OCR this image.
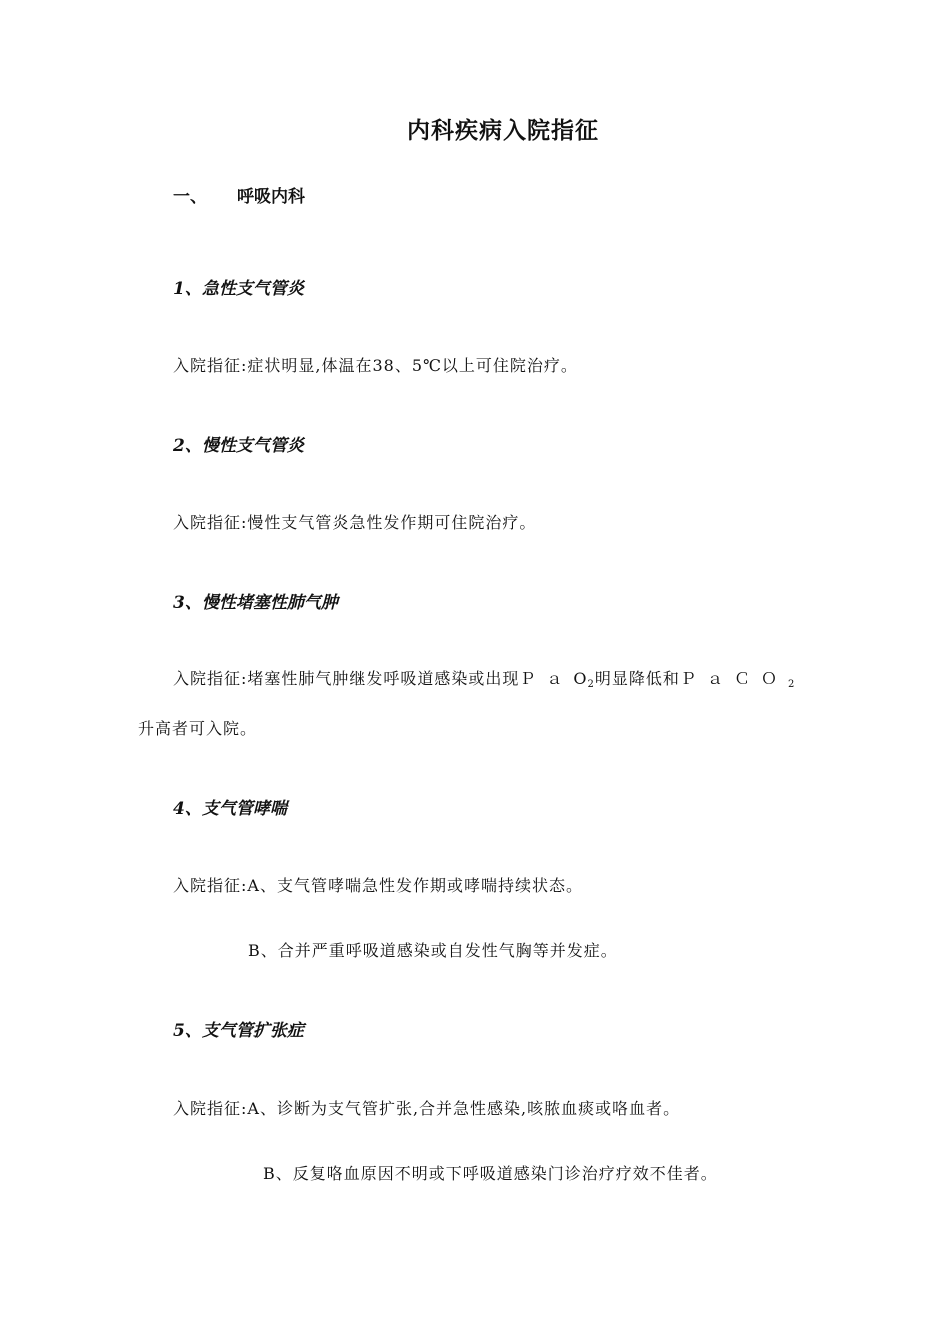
内科疾病入院指征
一、 呼吸内科
1、急性支气管炎
入院指征:症状明显,体温在38、5℃以上可住院治疗。
2、慢性支气管炎
入院指征:慢性支气管炎急性发作期可住院治疗。
3、慢性堵塞性肺气肿
入院指征:堵塞性肺气肿继发呼吸道感染或出现ＰａO$_2$明显降低和ＰａＣＯ$_2$
升高者可入院。
4、支气管哮喘
入院指征:A、支气管哮喘急性发作期或哮喘持续状态。
B、合并严重呼吸道感染或自发性气胸等并发症。
5、支气管扩张症
入院指征:A、诊断为支气管扩张,合并急性感染,咳脓血痰或咯血者。
B、反复咯血原因不明或下呼吸道感染门诊治疗疗效不佳者。
